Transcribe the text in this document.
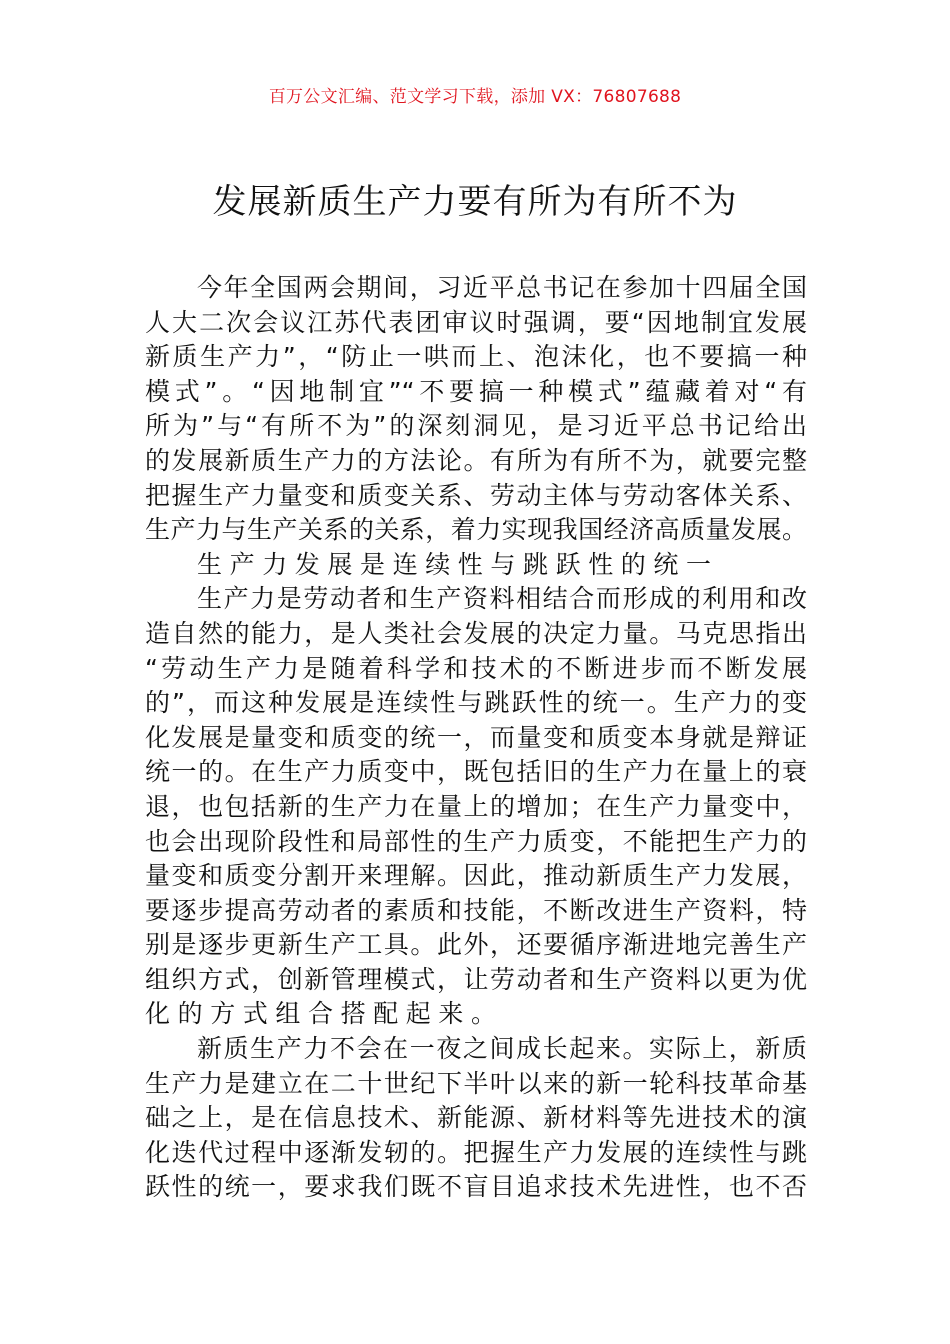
百万公文汇编、范文学习下载，添加 VX：76807688
发展新质生产力要有所为有所不为
今年全国两会期间，习近平总书记在参加十四届全国
人大二次会议江苏代表团审议时强调，要“因地制宜发展
新质生产力”，“防止一哄而上、泡沫化，也不要搞一种
模式”。“因地制宜”“不要搞一种模式”蕴藏着对“有
所为”与“有所不为”的深刻洞见，是习近平总书记给出
的发展新质生产力的方法论。有所为有所不为，就要完整
把握生产力量变和质变关系、劳动主体与劳动客体关系、
生产力与生产关系的关系，着力实现我国经济高质量发展。
生产力发展是连续性与跳跃性的统一
生产力是劳动者和生产资料相结合而形成的利用和改
造自然的能力，是人类社会发展的决定力量。马克思指出
“劳动生产力是随着科学和技术的不断进步而不断发展
的”，而这种发展是连续性与跳跃性的统一。生产力的变
化发展是量变和质变的统一，而量变和质变本身就是辩证
统一的。在生产力质变中，既包括旧的生产力在量上的衰
退，也包括新的生产力在量上的增加；在生产力量变中，
也会出现阶段性和局部性的生产力质变，不能把生产力的
量变和质变分割开来理解。因此，推动新质生产力发展，
要逐步提高劳动者的素质和技能，不断改进生产资料，特
别是逐步更新生产工具。此外，还要循序渐进地完善生产
组织方式，创新管理模式，让劳动者和生产资料以更为优
化的方式组合搭配起来。
新质生产力不会在一夜之间成长起来。实际上，新质
生产力是建立在二十世纪下半叶以来的新一轮科技革命基
础之上，是在信息技术、新能源、新材料等先进技术的演
化迭代过程中逐渐发轫的。把握生产力发展的连续性与跳
跃性的统一，要求我们既不盲目追求技术先进性，也不否
